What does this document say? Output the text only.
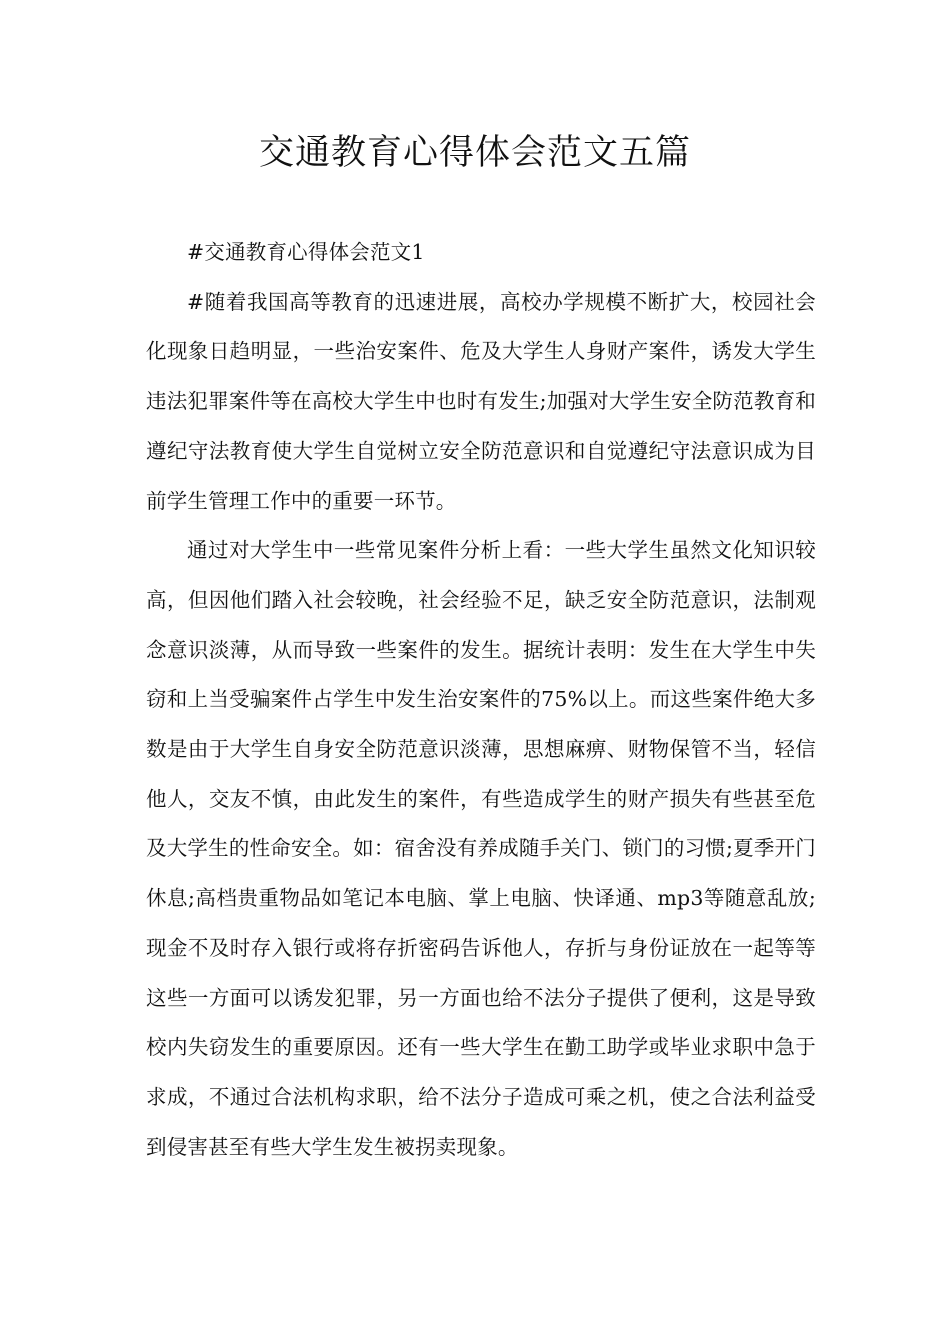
交通教育心得体会范文五篇

#交通教育心得体会范文1

#随着我国高等教育的迅速进展，高校办学规模不断扩大，校园社会化现象日趋明显，一些治安案件、危及大学生人身财产案件，诱发大学生违法犯罪案件等在高校大学生中也时有发生;加强对大学生安全防范教育和遵纪守法教育使大学生自觉树立安全防范意识和自觉遵纪守法意识成为目前学生管理工作中的重要一环节。

通过对大学生中一些常见案件分析上看：一些大学生虽然文化知识较高，但因他们踏入社会较晚，社会经验不足，缺乏安全防范意识，法制观念意识淡薄，从而导致一些案件的发生。据统计表明：发生在大学生中失窃和上当受骗案件占学生中发生治安案件的75%以上。而这些案件绝大多数是由于大学生自身安全防范意识淡薄，思想麻痹、财物保管不当，轻信他人，交友不慎，由此发生的案件，有些造成学生的财产损失有些甚至危及大学生的性命安全。如：宿舍没有养成随手关门、锁门的习惯;夏季开门休息;高档贵重物品如笔记本电脑、掌上电脑、快译通、mp3等随意乱放;现金不及时存入银行或将存折密码告诉他人，存折与身份证放在一起等等这些一方面可以诱发犯罪，另一方面也给不法分子提供了便利，这是导致校内失窃发生的重要原因。还有一些大学生在勤工助学或毕业求职中急于求成，不通过合法机构求职，给不法分子造成可乘之机，使之合法利益受到侵害甚至有些大学生发生被拐卖现象。
